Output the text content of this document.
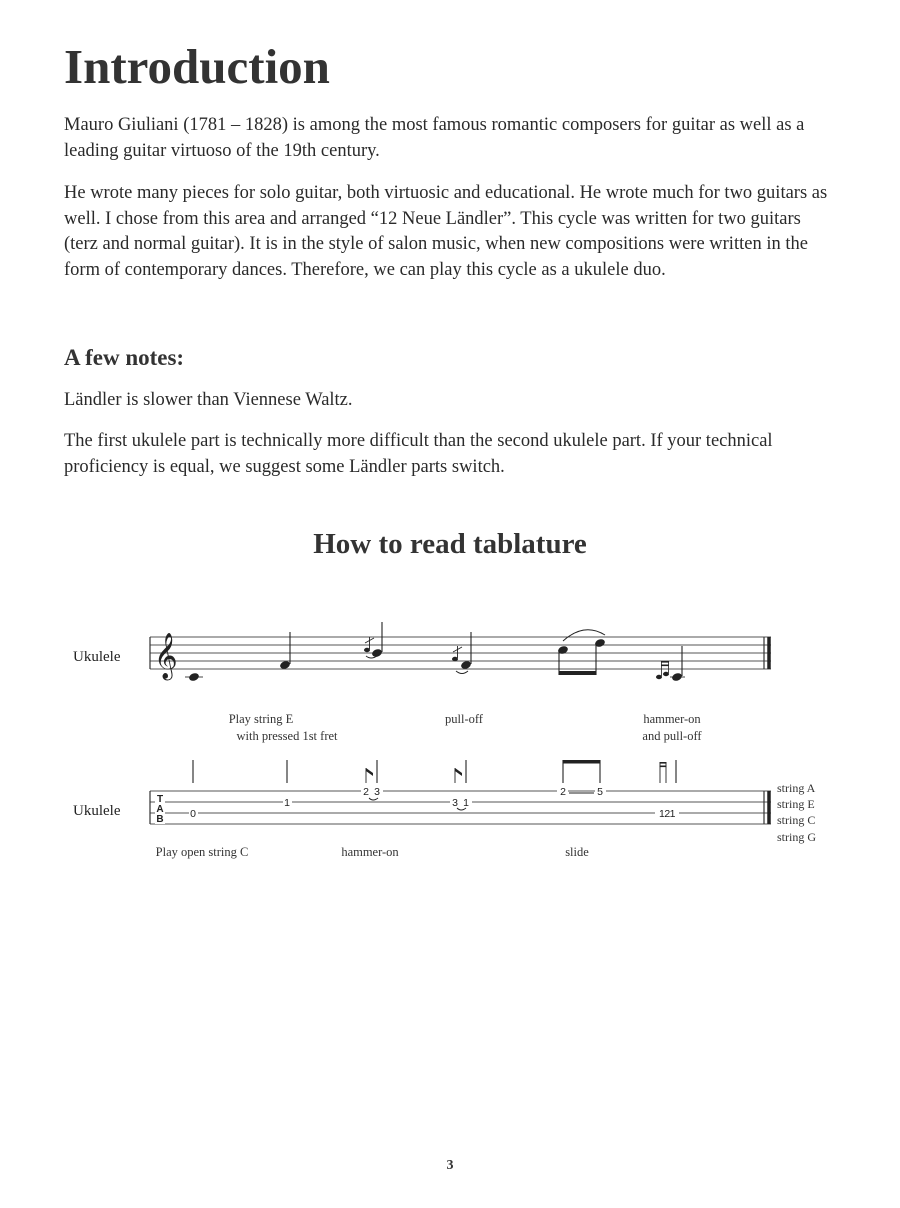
Introduction

Mauro Giuliani (1781 – 1828) is among the most famous romantic composers for guitar as well as a leading guitar virtuoso of the 19th century.

He wrote many pieces for solo guitar, both virtuosic and educational. He wrote much for two guitars as well. I chose from this area and arranged “12 Neue Ländler”. This cycle was written for two guitars (terz and normal guitar). It is in the style of salon music, when new compositions were written in the form of contemporary dances. Therefore, we can play this cycle as a ukulele duo.

A few notes:

Ländler is slower than Viennese Waltz.

The first ukulele part is technically more difficult than the second ukulele part. If your technical proficiency is equal, we suggest some Ländler parts switch.

How to read tablature
Ukulele 𝄞
Play string E
with pressed 1st fret
pull-off	hammer-on
and pull-off
Ukulele
T
A
B	0
1
2 3
3 1
2	5
121
string A
string E
string C
string G
Play open string C	hammer-on	slide
3
